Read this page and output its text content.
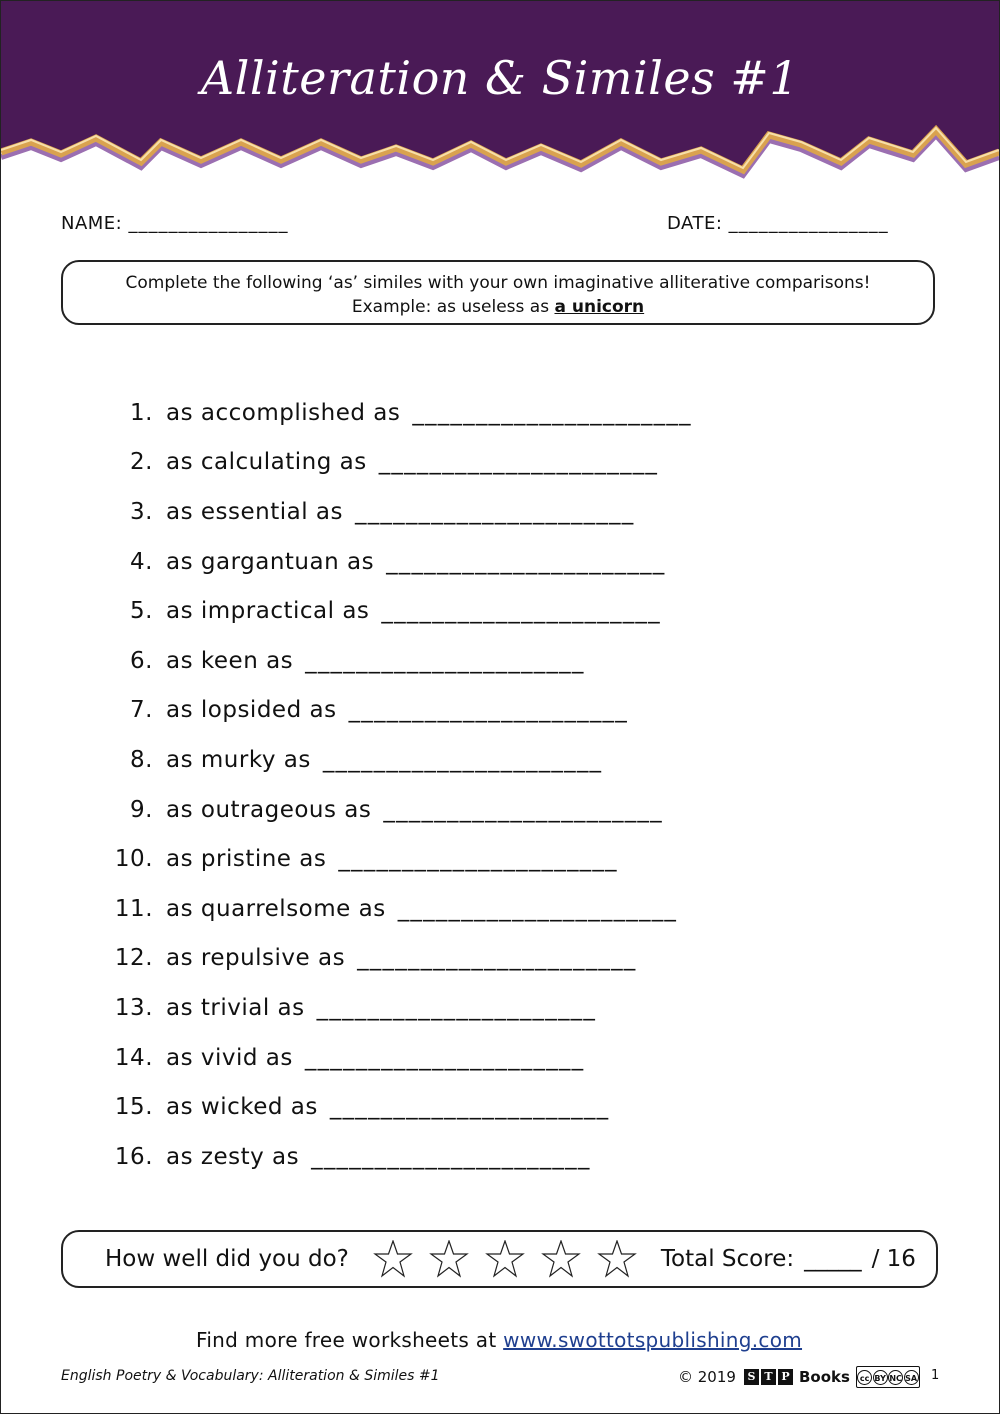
Alliteration & Similes #1
NAME: ________________	DATE: ________________
Complete the following ‘as’ similes with your own imaginative alliterative comparisons!
Example: as useless as a unicorn
1. as accomplished as ______________________
2. as calculating as ______________________
3. as essential as ______________________
4. as gargantuan as ______________________
5. as impractical as ______________________
6. as keen as ______________________
7. as lopsided as ______________________
8. as murky as ______________________
9. as outrageous as ______________________
10. as pristine as ______________________
11. as quarrelsome as ______________________
12. as repulsive as ______________________
13. as trivial as ______________________
14. as vivid as ______________________
15. as wicked as ______________________
16. as zesty as ______________________
How well did you do?	Total Score: _____ / 16
Find more free worksheets at www.swottotspublishing.com
English Poetry & Vocabulary: Alliteration & Similes #1	© 2019	S T P Books	cc BY NC SA 1
